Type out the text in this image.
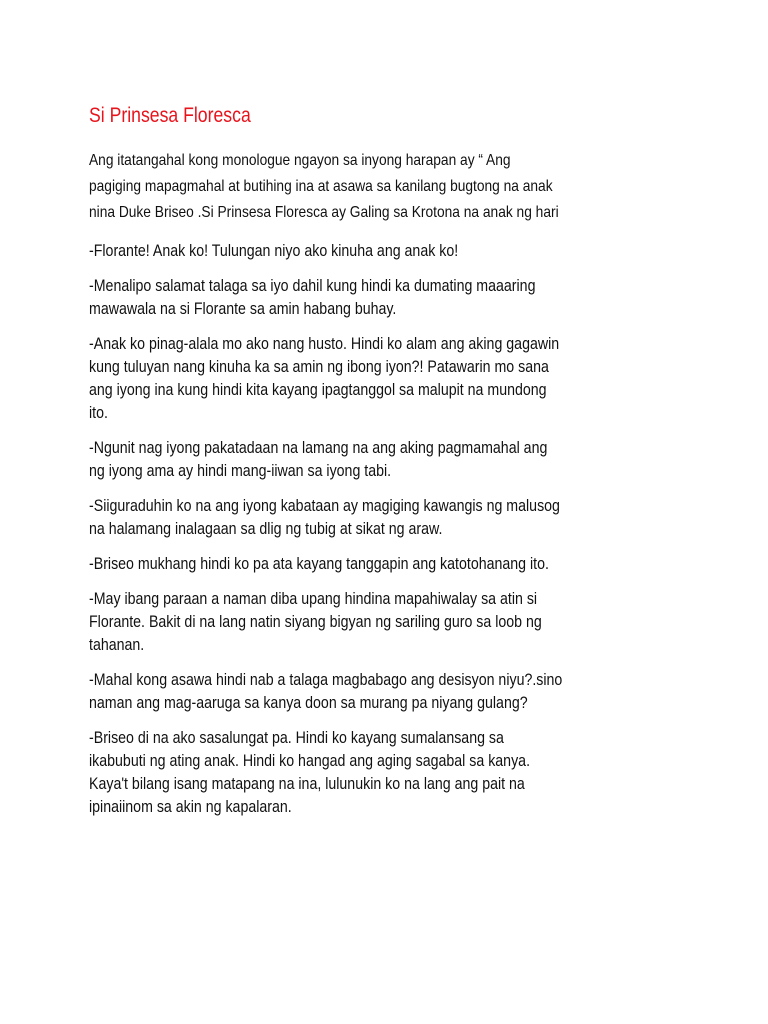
Si Prinsesa Floresca

Ang itatangahal kong monologue ngayon sa inyong harapan ay “ Ang
pagiging mapagmahal at butihing ina at asawa sa kanilang bugtong na anak
nina Duke Briseo .Si Prinsesa Floresca ay Galing sa Krotona na anak ng hari

-Florante! Anak ko! Tulungan niyo ako kinuha ang anak ko!

-Menalipo salamat talaga sa iyo dahil kung hindi ka dumating maaaring
mawawala na si Florante sa amin habang buhay.

-Anak ko pinag-alala mo ako nang husto. Hindi ko alam ang aking gagawin
kung tuluyan nang kinuha ka sa amin ng ibong iyon?! Patawarin mo sana
ang iyong ina kung hindi kita kayang ipagtanggol sa malupit na mundong
ito.

-Ngunit nag iyong pakatadaan na lamang na ang aking pagmamahal ang
ng iyong ama ay hindi mang-iiwan sa iyong tabi.

-Siiguraduhin ko na ang iyong kabataan ay magiging kawangis ng malusog
na halamang inalagaan sa dlig ng tubig at sikat ng araw.

-Briseo mukhang hindi ko pa ata kayang tanggapin ang katotohanang ito.

-May ibang paraan a naman diba upang hindina mapahiwalay sa atin si
Florante. Bakit di na lang natin siyang bigyan ng sariling guro sa loob ng
tahanan.

-Mahal kong asawa hindi nab a talaga magbabago ang desisyon niyu?.sino
naman ang mag-aaruga sa kanya doon sa murang pa niyang gulang?

-Briseo di na ako sasalungat pa. Hindi ko kayang sumalansang sa
ikabubuti ng ating anak. Hindi ko hangad ang aging sagabal sa kanya.
Kaya't bilang isang matapang na ina, lulunukin ko na lang ang pait na
ipinaiinom sa akin ng kapalaran.
